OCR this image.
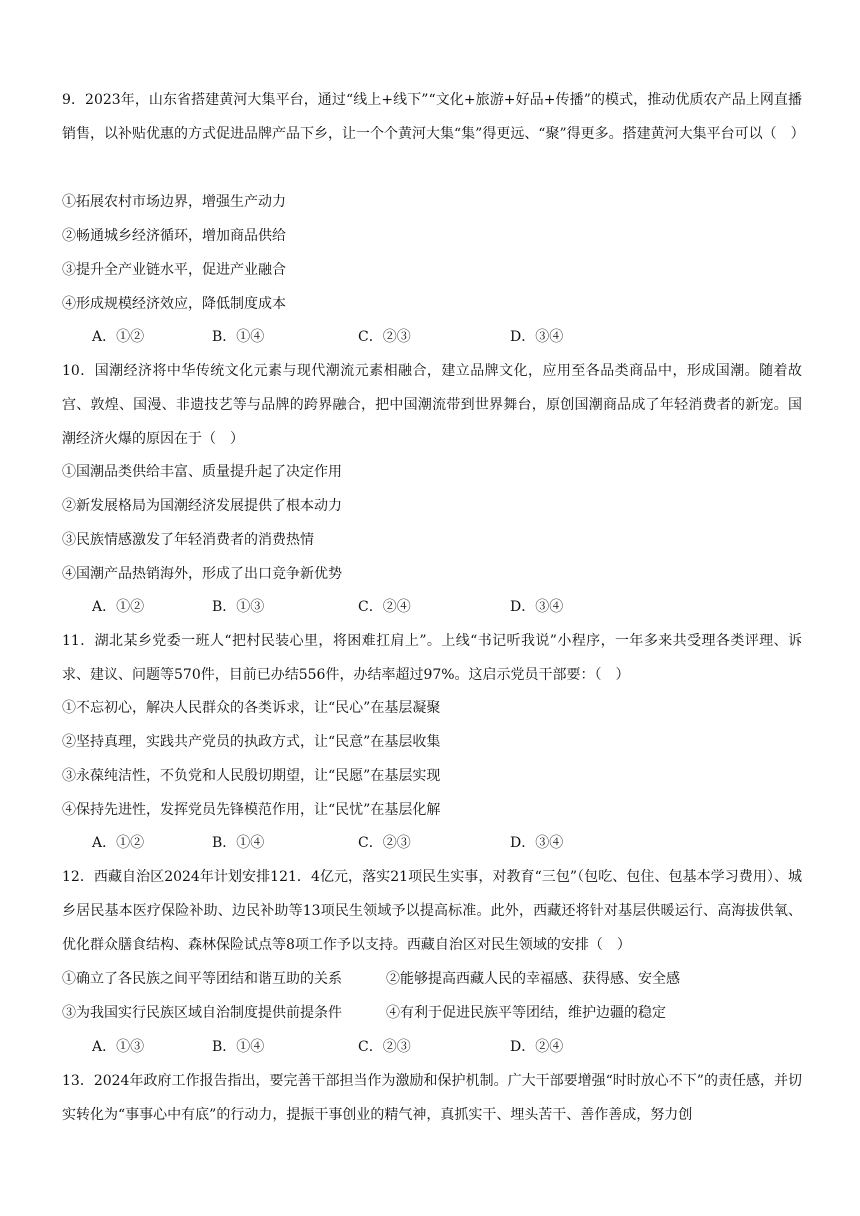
9．2023年，山东省搭建黄河大集平台，通过“线上+线下”“文化+旅游+好品+传播”的模式，推动优质农产品上网直播销售，以补贴优惠的方式促进品牌产品下乡，让一个个黄河大集“集”得更远、“聚”得更多。搭建黄河大集平台可以（　）

①拓展农村市场边界，增强生产动力

②畅通城乡经济循环，增加商品供给

③提升全产业链水平，促进产业融合

④形成规模经济效应，降低制度成本

A．①②	B．①④	C．②③	D．③④

10．国潮经济将中华传统文化元素与现代潮流元素相融合，建立品牌文化，应用至各品类商品中，形成国潮。随着故宫、敦煌、国漫、非遗技艺等与品牌的跨界融合，把中国潮流带到世界舞台，原创国潮商品成了年轻消费者的新宠。国潮经济火爆的原因在于（　）

①国潮品类供给丰富、质量提升起了决定作用

②新发展格局为国潮经济发展提供了根本动力

③民族情感激发了年轻消费者的消费热情

④国潮产品热销海外，形成了出口竞争新优势

A．①②	B．①③	C．②④	D．③④

11．湖北某乡党委一班人“把村民装心里，将困难扛肩上”。上线“书记听我说”小程序，一年多来共受理各类评理、诉求、建议、问题等570件，目前已办结556件，办结率超过97%。这启示党员干部要：（　）

①不忘初心，解决人民群众的各类诉求，让“民心”在基层凝聚

②坚持真理，实践共产党员的执政方式，让“民意”在基层收集

③永葆纯洁性，不负党和人民殷切期望，让“民愿”在基层实现

④保持先进性，发挥党员先锋模范作用，让“民忧”在基层化解

A．①②	B．①④	C．②③	D．③④

12．西藏自治区2024年计划安排121．4亿元，落实21项民生实事，对教育“三包”（包吃、包住、包基本学习费用）、城乡居民基本医疗保险补助、边民补助等13项民生领域予以提高标准。此外，西藏还将针对基层供暖运行、高海拔供氧、优化群众膳食结构、森林保险试点等8项工作予以支持。西藏自治区对民生领域的安排（　）

①确立了各民族之间平等团结和谐互助的关系	②能够提高西藏人民的幸福感、获得感、安全感
③为我国实行民族区域自治制度提供前提条件	④有利于促进民族平等团结，维护边疆的稳定
A．①③	B．①④	C．②③	D．②④

13．2024年政府工作报告指出，要完善干部担当作为激励和保护机制。广大干部要增强“时时放心不下”的责任感，并切实转化为“事事心中有底”的行动力，提振干事创业的精气神，真抓实干、埋头苦干、善作善成，努力创
